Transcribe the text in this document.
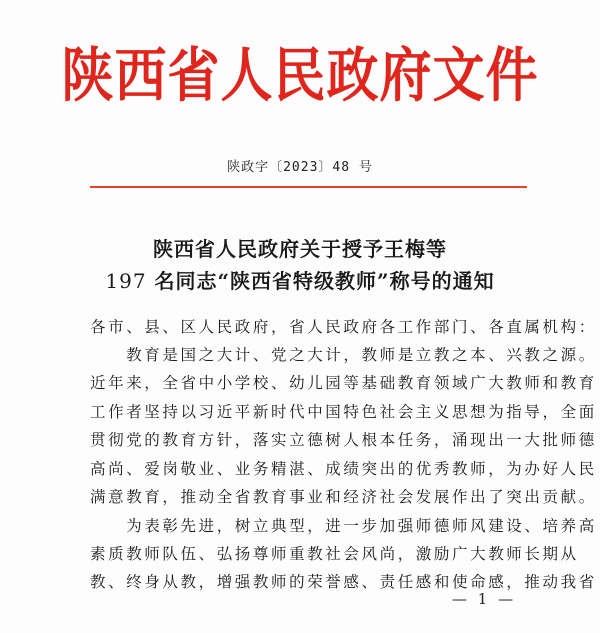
陕西省人民政府文件
陕政字〔2023〕48 号
陕西省人民政府关于授予王梅等
197 名同志“陕西省特级教师”称号的通知
各市、县、区人民政府，省人民政府各工作部门、各直属机构：
　　教育是国之大计、党之大计，教师是立教之本、兴教之源。
近年来，全省中小学校、幼儿园等基础教育领域广大教师和教育
工作者坚持以习近平新时代中国特色社会主义思想为指导，全面
贯彻党的教育方针，落实立德树人根本任务，涌现出一大批师德
高尚、爱岗敬业、业务精湛、成绩突出的优秀教师，为办好人民
满意教育，推动全省教育事业和经济社会发展作出了突出贡献。
　　为表彰先进，树立典型，进一步加强师德师风建设、培养高
素质教师队伍、弘扬尊师重教社会风尚，激励广大教师长期从
教、终身从教，增强教师的荣誉感、责任感和使命感，推动我省
— 1 —
